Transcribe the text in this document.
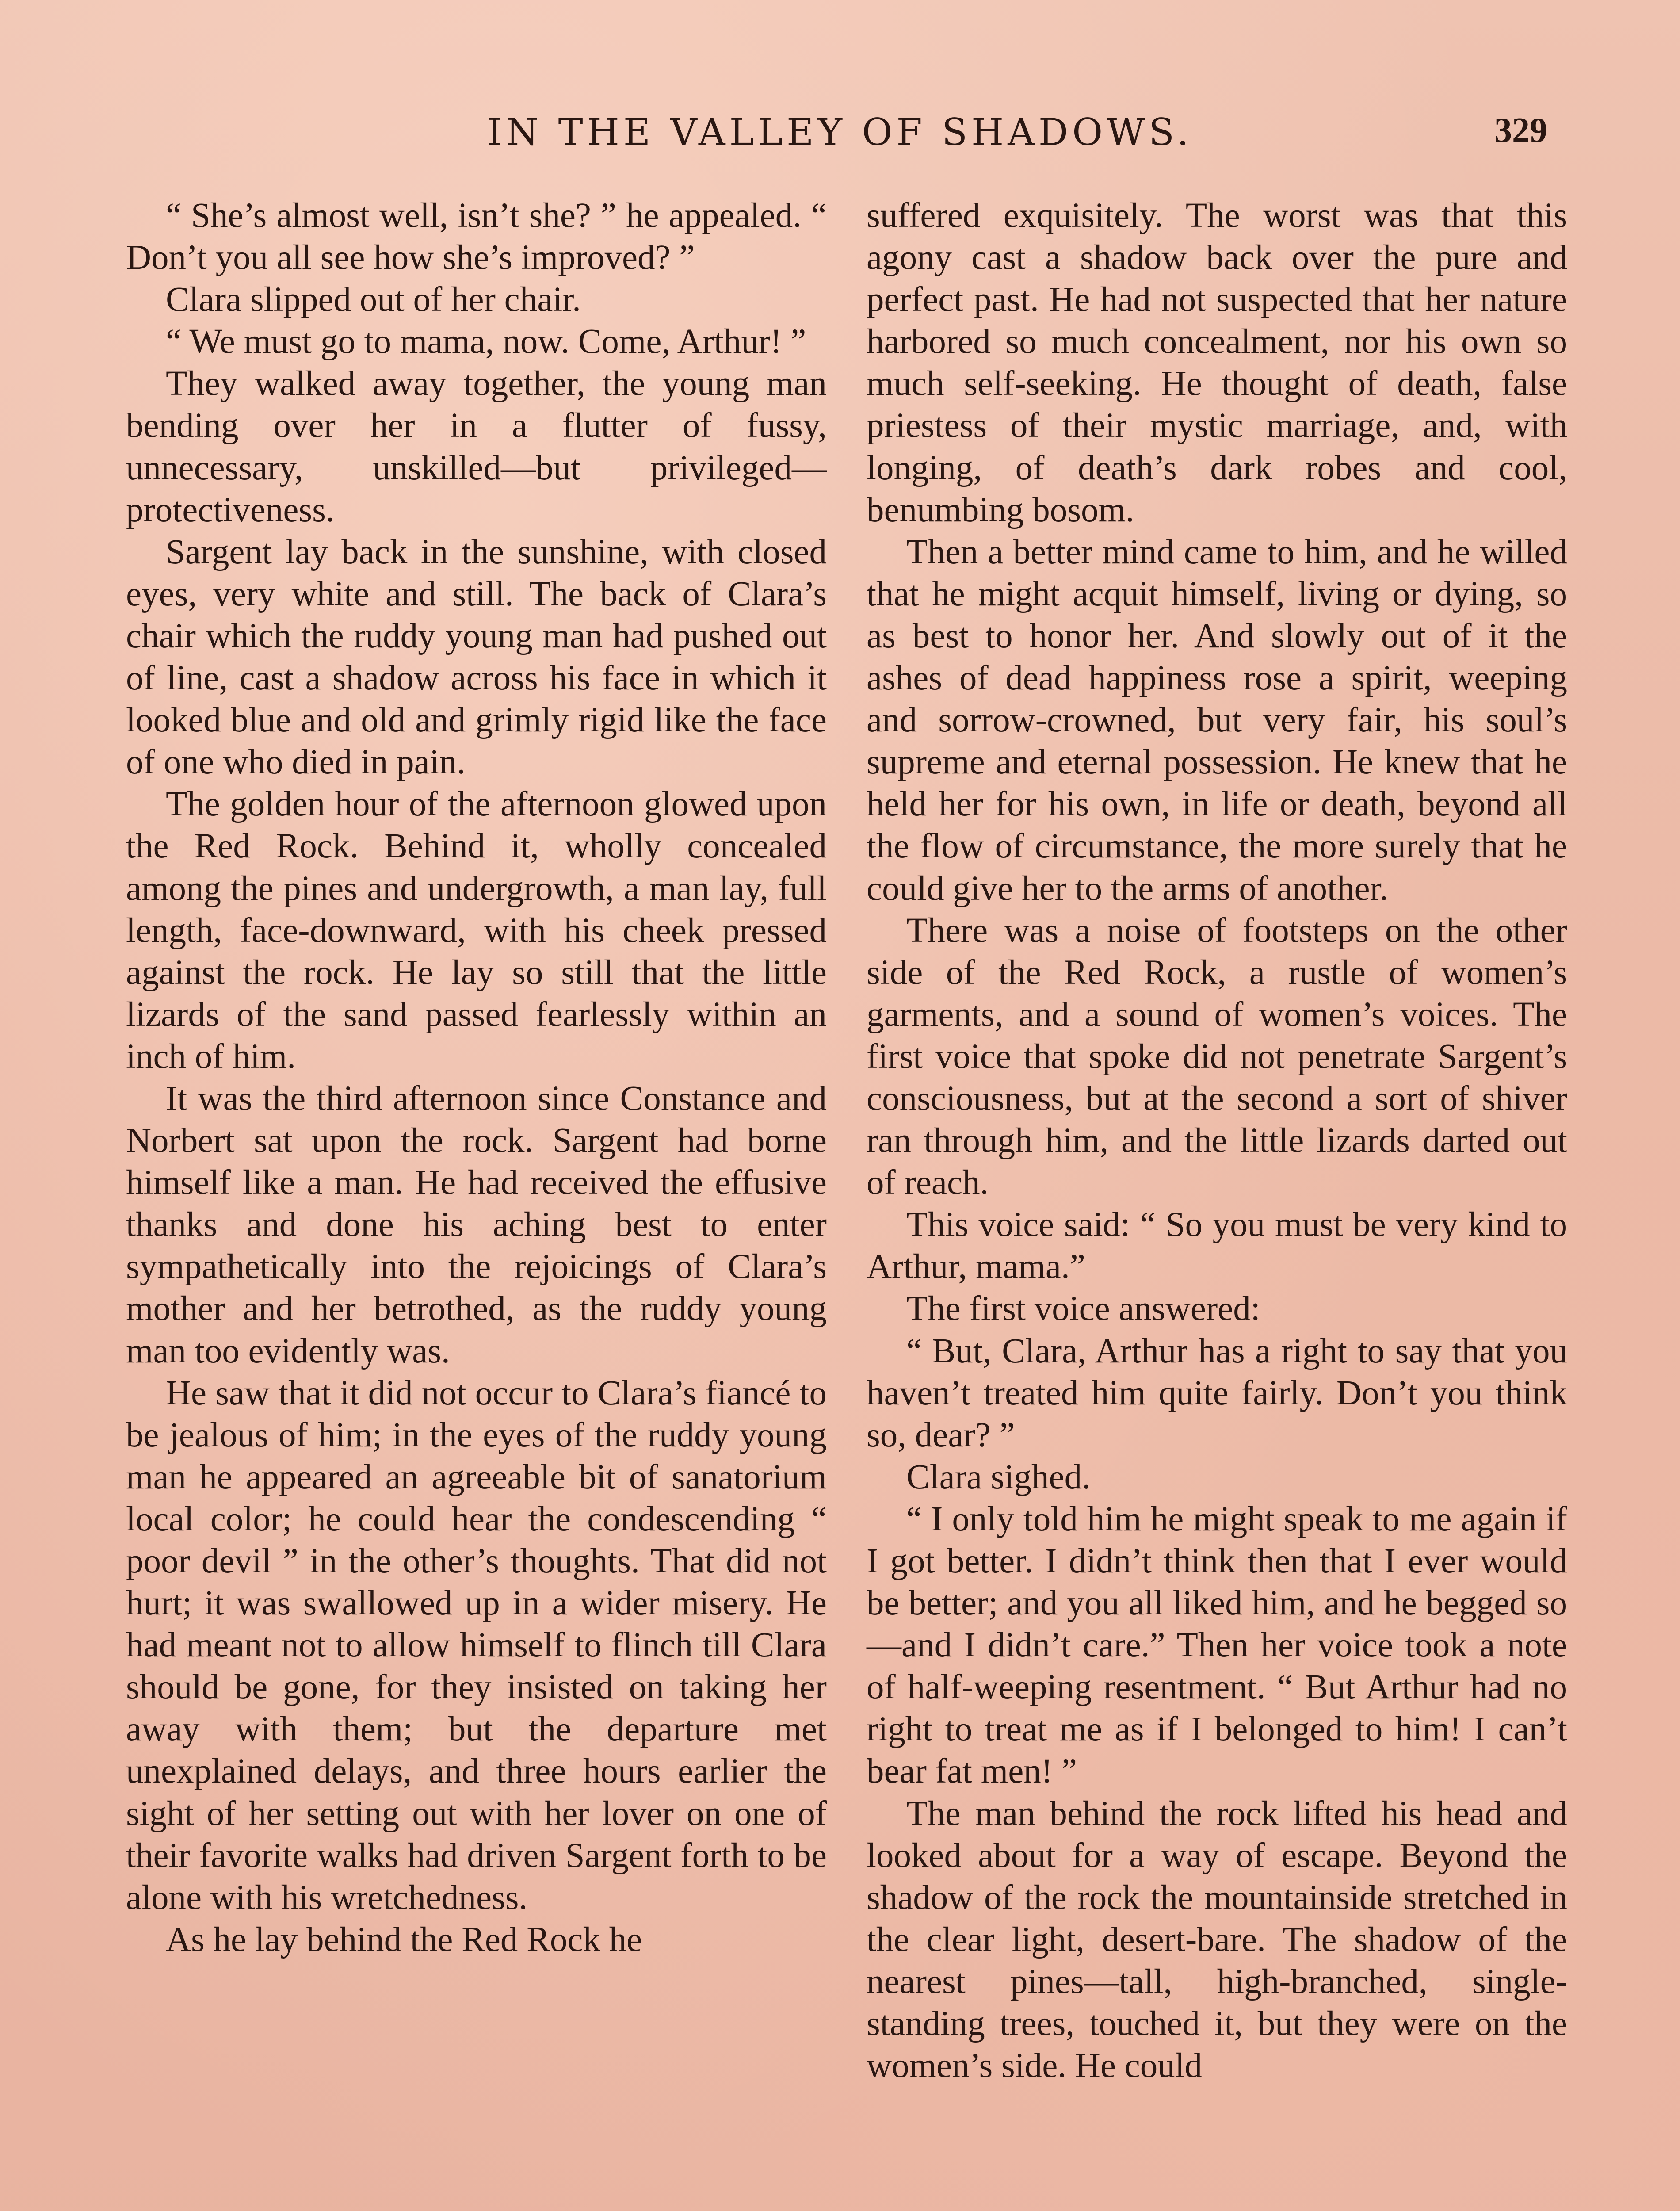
IN THE VALLEY OF SHADOWS.	329

“ She’s almost well, isn’t she? ” he appealed. “ Don’t you all see how she’s improved? ”

Clara slipped out of her chair.

“ We must go to mama, now. Come, Arthur! ”

They walked away together, the young man bending over her in a flutter of fussy, unnecessary, unskilled—but privileged—protectiveness.

Sargent lay back in the sunshine, with closed eyes, very white and still. The back of Clara’s chair which the ruddy young man had pushed out of line, cast a shadow across his face in which it looked blue and old and grimly rigid like the face of one who died in pain.

The golden hour of the afternoon glowed upon the Red Rock. Behind it, wholly concealed among the pines and undergrowth, a man lay, full length, face-downward, with his cheek pressed against the rock. He lay so still that the little lizards of the sand passed fearlessly within an inch of him.

It was the third afternoon since Constance and Norbert sat upon the rock. Sargent had borne himself like a man. He had received the effusive thanks and done his aching best to enter sympathetically into the rejoicings of Clara’s mother and her betrothed, as the ruddy young man too evidently was.

He saw that it did not occur to Clara’s fiancé to be jealous of him; in the eyes of the ruddy young man he appeared an agreeable bit of sanatorium local color; he could hear the condescending “ poor devil ” in the other’s thoughts. That did not hurt; it was swallowed up in a wider misery. He had meant not to allow himself to flinch till Clara should be gone, for they insisted on taking her away with them; but the departure met unexplained delays, and three hours earlier the sight of her setting out with her lover on one of their favorite walks had driven Sargent forth to be alone with his wretchedness.

As he lay behind the Red Rock he

suffered exquisitely. The worst was that this agony cast a shadow back over the pure and perfect past. He had not suspected that her nature harbored so much concealment, nor his own so much self-seeking. He thought of death, false priestess of their mystic marriage, and, with longing, of death’s dark robes and cool, benumbing bosom.

Then a better mind came to him, and he willed that he might acquit himself, living or dying, so as best to honor her. And slowly out of it the ashes of dead happiness rose a spirit, weeping and sorrow-crowned, but very fair, his soul’s supreme and eternal possession. He knew that he held her for his own, in life or death, beyond all the flow of circumstance, the more surely that he could give her to the arms of another.

There was a noise of footsteps on the other side of the Red Rock, a rustle of women’s garments, and a sound of women’s voices. The first voice that spoke did not penetrate Sargent’s consciousness, but at the second a sort of shiver ran through him, and the little lizards darted out of reach.

This voice said: “ So you must be very kind to Arthur, mama.”

The first voice answered:

“ But, Clara, Arthur has a right to say that you haven’t treated him quite fairly. Don’t you think so, dear? ”

Clara sighed.

“ I only told him he might speak to me again if I got better. I didn’t think then that I ever would be better; and you all liked him, and he begged so—and I didn’t care.” Then her voice took a note of half-weeping resentment. “ But Arthur had no right to treat me as if I belonged to him! I can’t bear fat men! ”

The man behind the rock lifted his head and looked about for a way of escape. Beyond the shadow of the rock the mountainside stretched in the clear light, desert-bare. The shadow of the nearest pines—tall, high-branched, single-standing trees, touched it, but they were on the women’s side. He could
